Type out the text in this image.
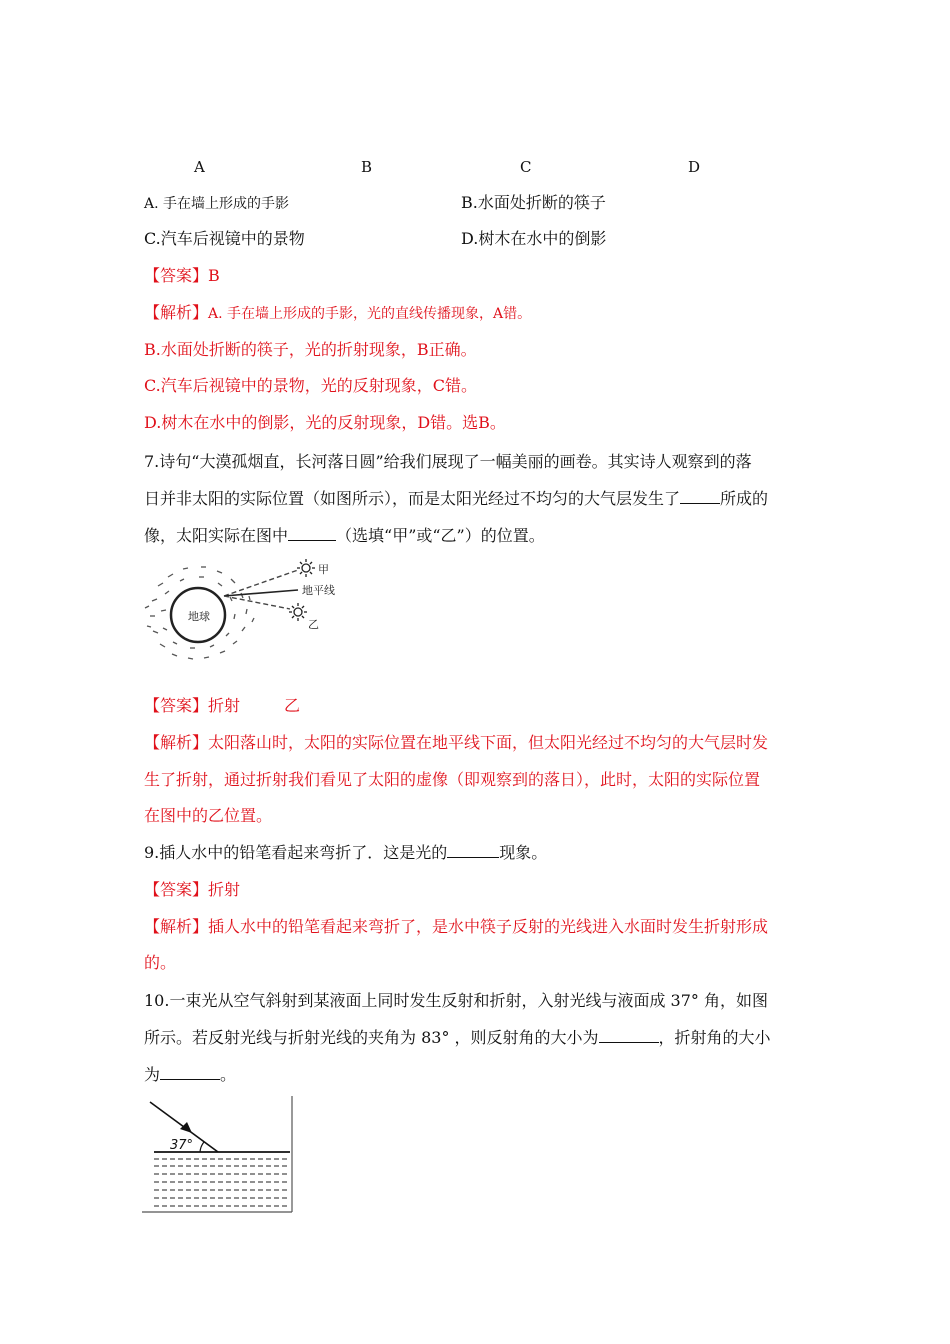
A	B	C	D
A. 手在墙上形成的手影	B.水面处折断的筷子
C.汽车后视镜中的景物	D.树木在水中的倒影
【答案】B
【解析】A. 手在墙上形成的手影，光的直线传播现象，A错。
B.水面处折断的筷子，光的折射现象，B正确。
C.汽车后视镜中的景物，光的反射现象，C错。
D.树木在水中的倒影，光的反射现象，D错。选B。
7.诗句“大漠孤烟直，长河落日圆”给我们展现了一幅美丽的画卷。其实诗人观察到的落
日并非太阳的实际位置（如图所示），而是太阳光经过不均匀的大气层发生了	所成的
像，太阳实际在图中	（选填“甲”或“乙”）的位置。
地球
甲
地平线
乙
【答案】折射	乙
【解析】太阳落山时，太阳的实际位置在地平线下面，但太阳光经过不均匀的大气层时发
生了折射，通过折射我们看见了太阳的虚像（即观察到的落日），此时，太阳的实际位置
在图中的乙位置。
9.插人水中的铅笔看起来弯折了．这是光的	现象。
【答案】折射
【解析】插人水中的铅笔看起来弯折了，是水中筷子反射的光线进入水面时发生折射形成
的。
10.一束光从空气斜射到某液面上同时发生反射和折射，入射光线与液面成 37° 角，如图
所示。若反射光线与折射光线的夹角为 83° ，则反射角的大小为	，折射角的大小
为	。
37°
